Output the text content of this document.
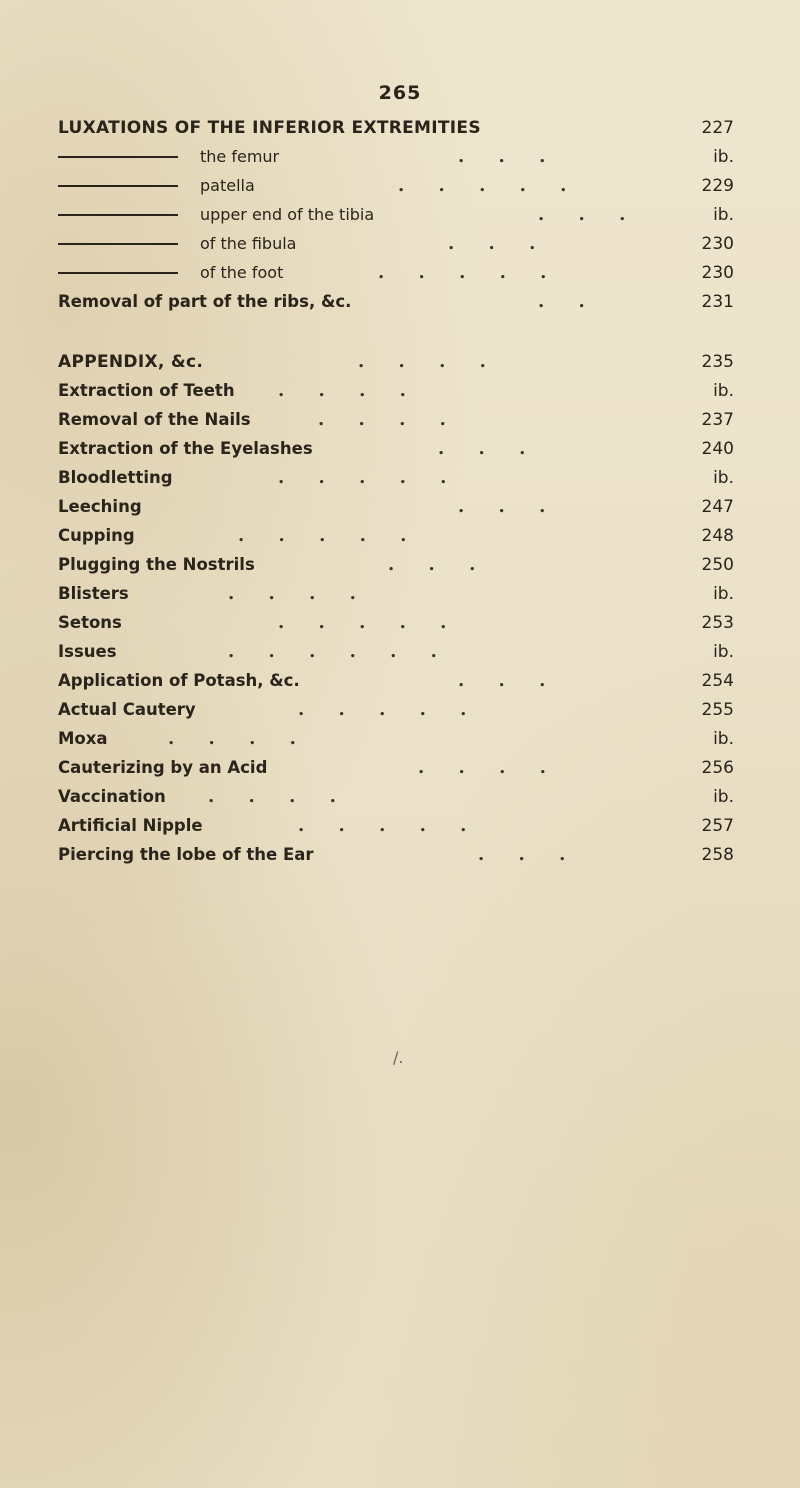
265
LUXATIONS OF THE INFERIOR EXTREMITIES	227
the femur	. . .	ib.
patella	. . . . .	229
upper end of the tibia	. . .	ib.
of the fibula	. . .	230
of the foot	. . . . .	230
Removal of part of the ribs, &c.	. .	231
APPENDIX, &c.	. . . .	235
Extraction of Teeth . . . .	ib.
Removal of the Nails	. . . .	237
Extraction of the Eyelashes	. . .	240
Bloodletting	. . . . .	ib.
Leeching	. . .	247
Cupping	. . . . .	248
Plugging the Nostrils	. . .	250
Blisters	. . . .	ib.
Setons	. . . . .	253
Issues	. . . . . .	ib.
Application of Potash, &c.	. . .	254
Actual Cautery	. . . . .	255
Moxa	. . . .	ib.
Cauterizing by an Acid	. . . .	256
Vaccination . . . .	ib.
Artificial Nipple	. . . . .	257
Piercing the lobe of the Ear	. . .	258
/.
